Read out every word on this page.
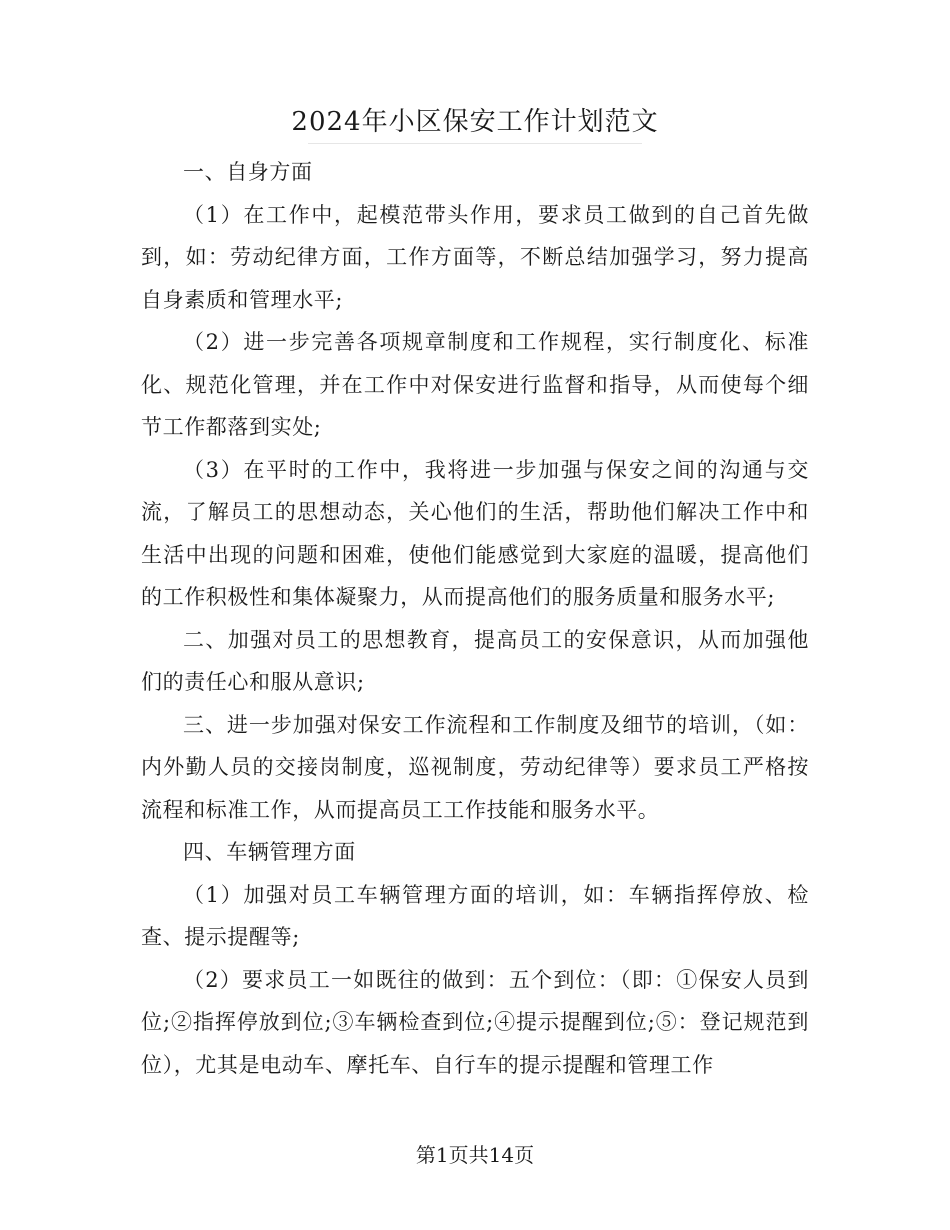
2024年小区保安工作计划范文

一、自身方面

（1）在工作中，起模范带头作用，要求员工做到的自己首先做到，如：劳动纪律方面，工作方面等，不断总结加强学习，努力提高自身素质和管理水平;

（2）进一步完善各项规章制度和工作规程，实行制度化、标准化、规范化管理，并在工作中对保安进行监督和指导，从而使每个细节工作都落到实处;

（3）在平时的工作中，我将进一步加强与保安之间的沟通与交流，了解员工的思想动态，关心他们的生活，帮助他们解决工作中和生活中出现的问题和困难，使他们能感觉到大家庭的温暖，提高他们的工作积极性和集体凝聚力，从而提高他们的服务质量和服务水平;

二、加强对员工的思想教育，提高员工的安保意识，从而加强他们的责任心和服从意识;

三、进一步加强对保安工作流程和工作制度及细节的培训，（如：内外勤人员的交接岗制度，巡视制度，劳动纪律等）要求员工严格按流程和标准工作，从而提高员工工作技能和服务水平。

四、车辆管理方面

（1）加强对员工车辆管理方面的培训，如：车辆指挥停放、检查、提示提醒等;

（2）要求员工一如既往的做到：五个到位：（即：①保安人员到位;②指挥停放到位;③车辆检查到位;④提示提醒到位;⑤：登记规范到位），尤其是电动车、摩托车、自行车的提示提醒和管理工作

第1页共14页
